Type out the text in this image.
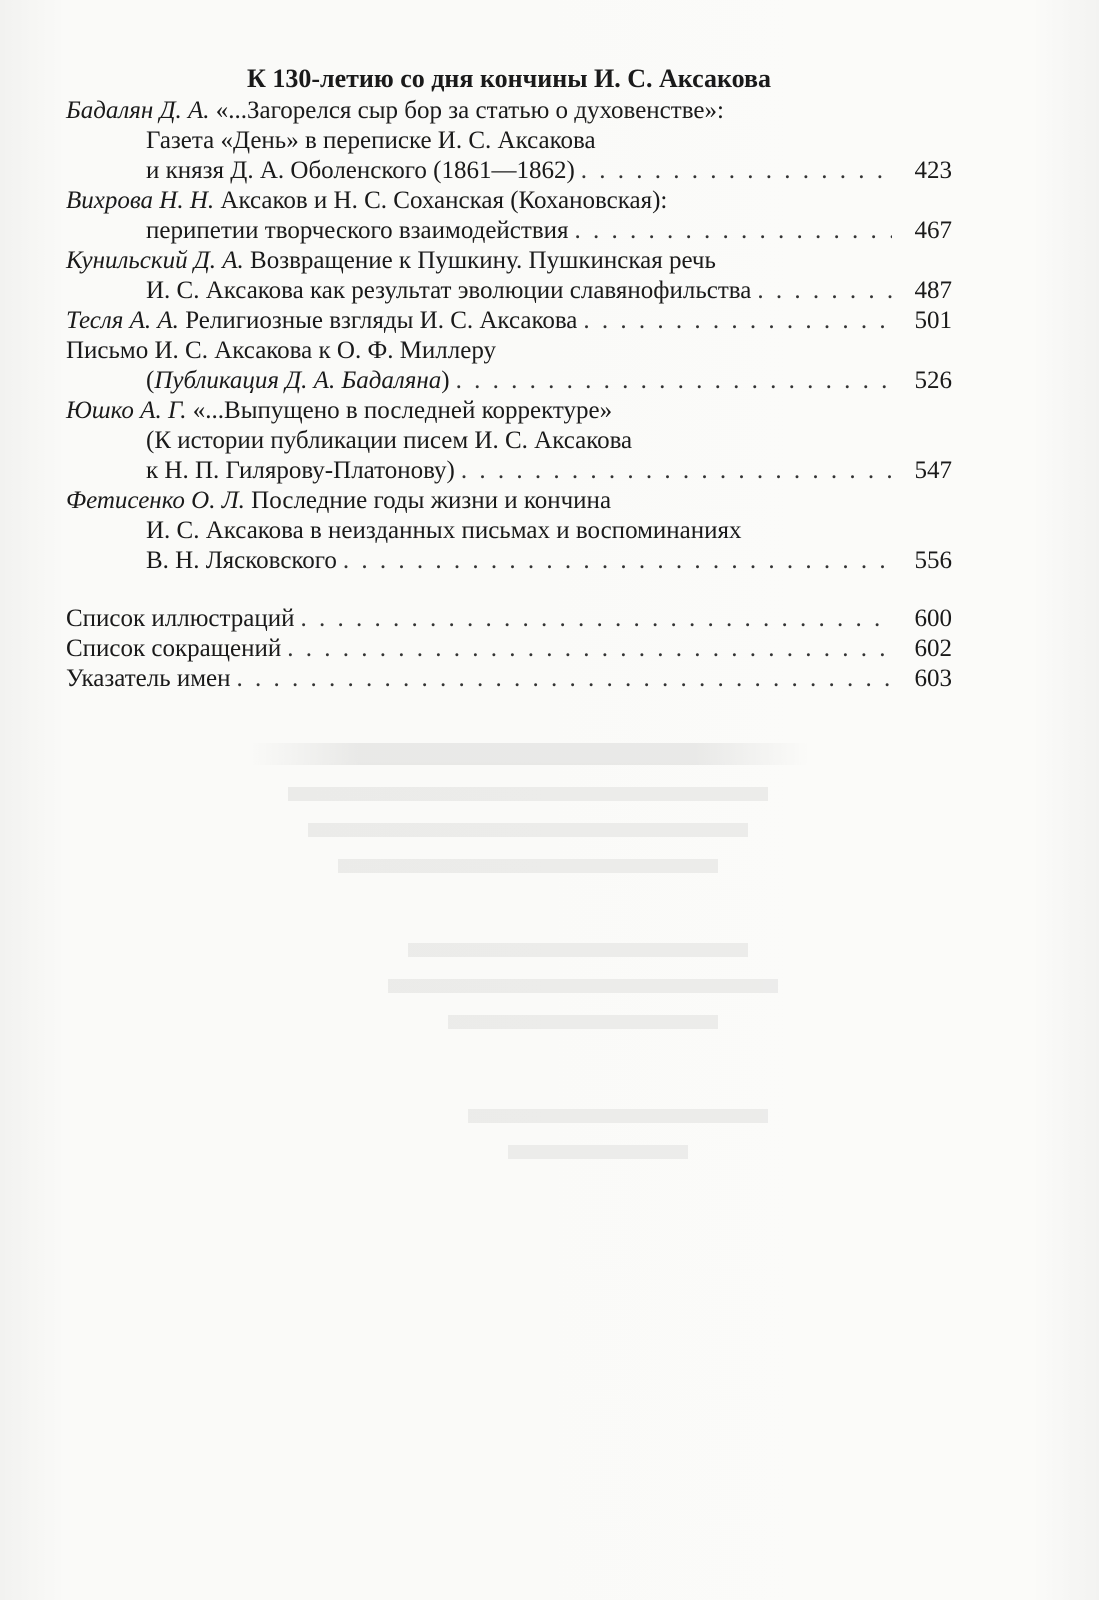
К 130-летию со дня кончины И. С. Аксакова
Бадалян Д. А. «...Загорелся сыр бор за статью о духовенстве»:
Газета «День» в переписке И. С. Аксакова
и князя Д. А. Оболенского (1861—1862) . . .	423
Вихрова Н. Н. Аксаков и Н. С. Соханская (Кохановская):
перипетии творческого взаимодействия . . .	467
Кунильский Д. А. Возвращение к Пушкину. Пушкинская речь
И. С. Аксакова как результат эволюции славянофильства . . .	487
Тесля А. А. Религиозные взгляды И. С. Аксакова . . .	501
Письмо И. С. Аксакова к О. Ф. Миллеру
(Публикация Д. А. Бадаляна) . . .	526
Юшко А. Г. «...Выпущено в последней корректуре»
(К истории публикации писем И. С. Аксакова
к Н. П. Гилярову-Платонову) . . .	547
Фетисенко О. Л. Последние годы жизни и кончина
И. С. Аксакова в неизданных письмах и воспоминаниях
В. Н. Лясковского . . .	556
Список иллюстраций . . .	600
Список сокращений . . .	602
Указатель имен . . .	603
